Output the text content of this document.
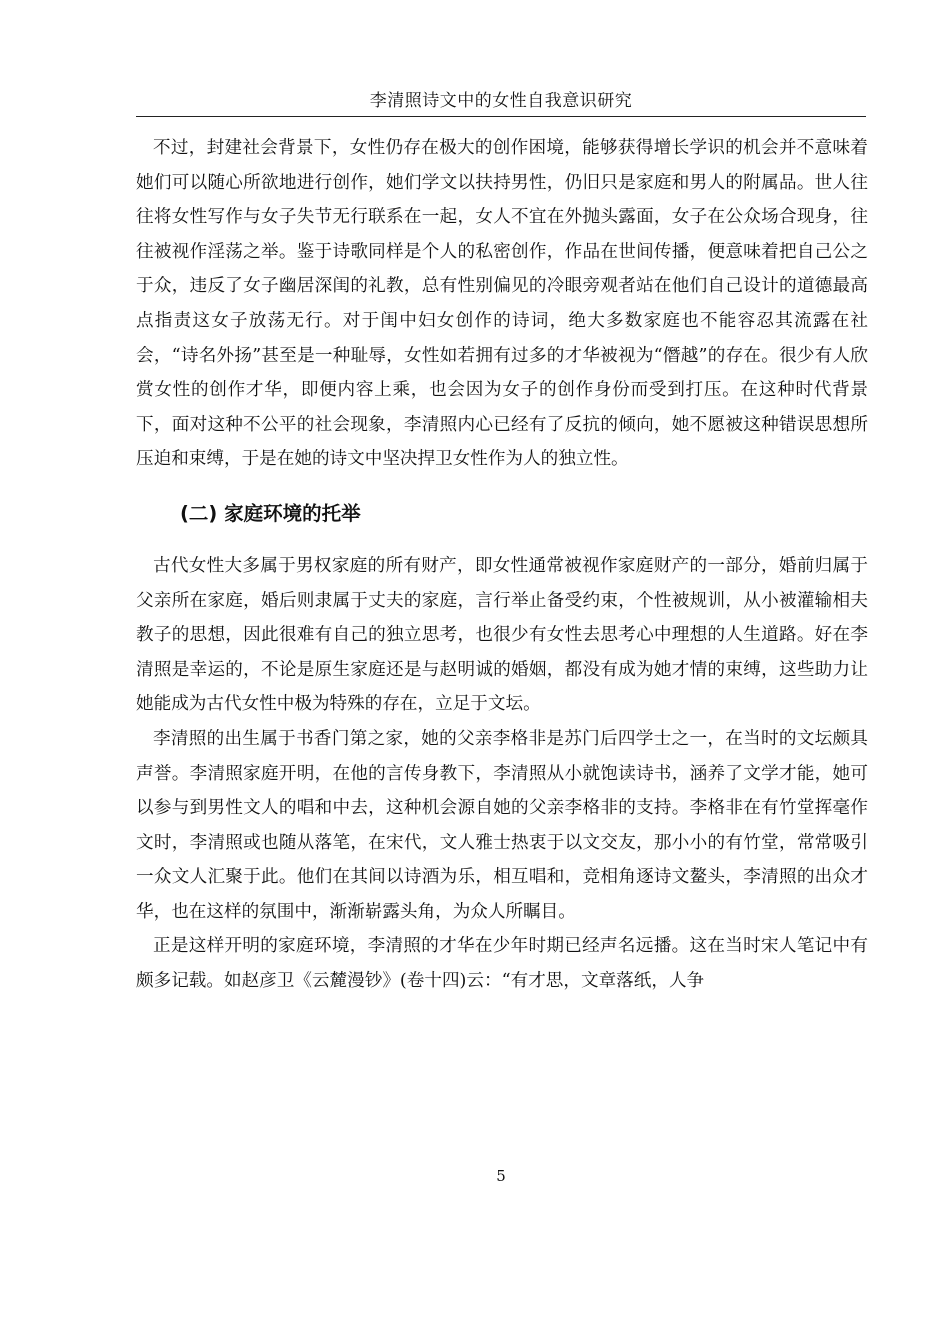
李清照诗文中的女性自我意识研究

不过，封建社会背景下，女性仍存在极大的创作困境，能够获得增长学识的机会并不意味着她们可以随心所欲地进行创作，她们学文以扶持男性，仍旧只是家庭和男人的附属品。世人往往将女性写作与女子失节无行联系在一起，女人不宜在外抛头露面，女子在公众场合现身，往往被视作淫荡之举。鉴于诗歌同样是个人的私密创作，作品在世间传播，便意味着把自己公之于众，违反了女子幽居深闺的礼教，总有性别偏见的冷眼旁观者站在他们自己设计的道德最高点指责这女子放荡无行。对于闺中妇女创作的诗词，绝大多数家庭也不能容忍其流露在社会，“诗名外扬”甚至是一种耻辱，女性如若拥有过多的才华被视为“僭越”的存在。很少有人欣赏女性的创作才华，即便内容上乘，也会因为女子的创作身份而受到打压。在这种时代背景下，面对这种不公平的社会现象，李清照内心已经有了反抗的倾向，她不愿被这种错误思想所压迫和束缚，于是在她的诗文中坚决捍卫女性作为人的独立性。

(二) 家庭环境的托举

古代女性大多属于男权家庭的所有财产，即女性通常被视作家庭财产的一部分，婚前归属于父亲所在家庭，婚后则隶属于丈夫的家庭，言行举止备受约束，个性被规训，从小被灌输相夫教子的思想，因此很难有自己的独立思考，也很少有女性去思考心中理想的人生道路。好在李清照是幸运的，不论是原生家庭还是与赵明诚的婚姻，都没有成为她才情的束缚，这些助力让她能成为古代女性中极为特殊的存在，立足于文坛。

李清照的出生属于书香门第之家，她的父亲李格非是苏门后四学士之一，在当时的文坛颇具声誉。李清照家庭开明，在他的言传身教下，李清照从小就饱读诗书，涵养了文学才能，她可以参与到男性文人的唱和中去，这种机会源自她的父亲李格非的支持。李格非在有竹堂挥毫作文时，李清照或也随从落笔，在宋代，文人雅士热衷于以文交友，那小小的有竹堂，常常吸引一众文人汇聚于此。他们在其间以诗酒为乐，相互唱和，竞相角逐诗文鳌头，李清照的出众才华，也在这样的氛围中，渐渐崭露头角，为众人所瞩目。

正是这样开明的家庭环境，李清照的才华在少年时期已经声名远播。这在当时宋人笔记中有颇多记载。如赵彦卫《云麓漫钞》(卷十四)云：“有才思，文章落纸，人争

5
